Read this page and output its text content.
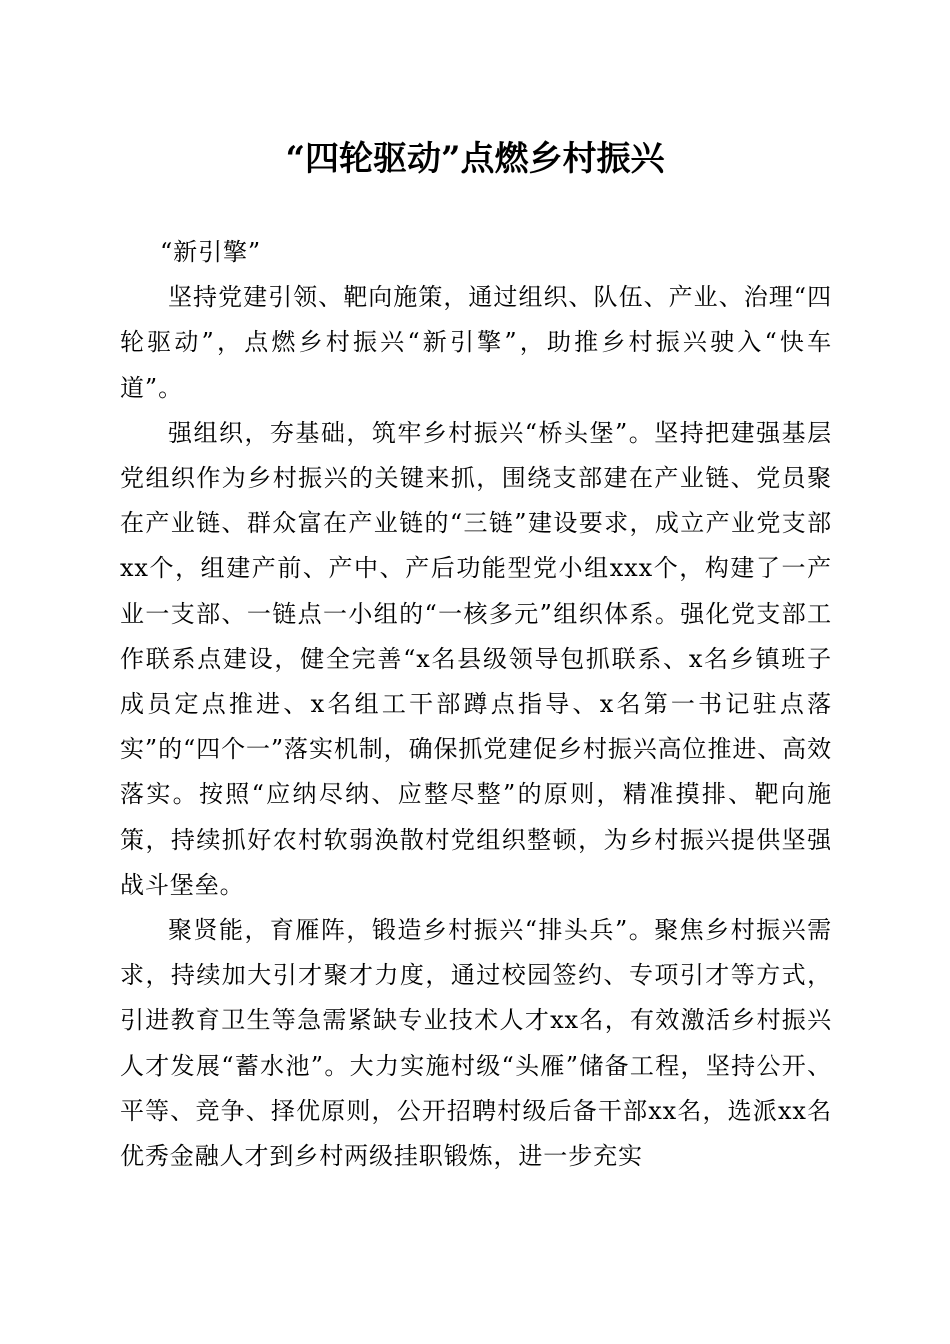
“四轮驱动”点燃乡村振兴

“新引擎”

坚持党建引领、靶向施策，通过组织、队伍、产业、治理“四轮驱动”，点燃乡村振兴“新引擎”，助推乡村振兴驶入“快车道”。

强组织，夯基础，筑牢乡村振兴“桥头堡”。坚持把建强基层党组织作为乡村振兴的关键来抓，围绕支部建在产业链、党员聚在产业链、群众富在产业链的“三链”建设要求，成立产业党支部xx个，组建产前、产中、产后功能型党小组xxx个，构建了一产业一支部、一链点一小组的“一核多元”组织体系。强化党支部工作联系点建设，健全完善“x名县级领导包抓联系、x名乡镇班子成员定点推进、x名组工干部蹲点指导、x名第一书记驻点落实”的“四个一”落实机制，确保抓党建促乡村振兴高位推进、高效落实。按照“应纳尽纳、应整尽整”的原则，精准摸排、靶向施策，持续抓好农村软弱涣散村党组织整顿，为乡村振兴提供坚强战斗堡垒。

聚贤能，育雁阵，锻造乡村振兴“排头兵”。聚焦乡村振兴需求，持续加大引才聚才力度，通过校园签约、专项引才等方式，引进教育卫生等急需紧缺专业技术人才xx名，有效激活乡村振兴人才发展“蓄水池”。大力实施村级“头雁”储备工程，坚持公开、平等、竞争、择优原则，公开招聘村级后备干部xx名，选派xx名优秀金融人才到乡村两级挂职锻炼，进一步充实
